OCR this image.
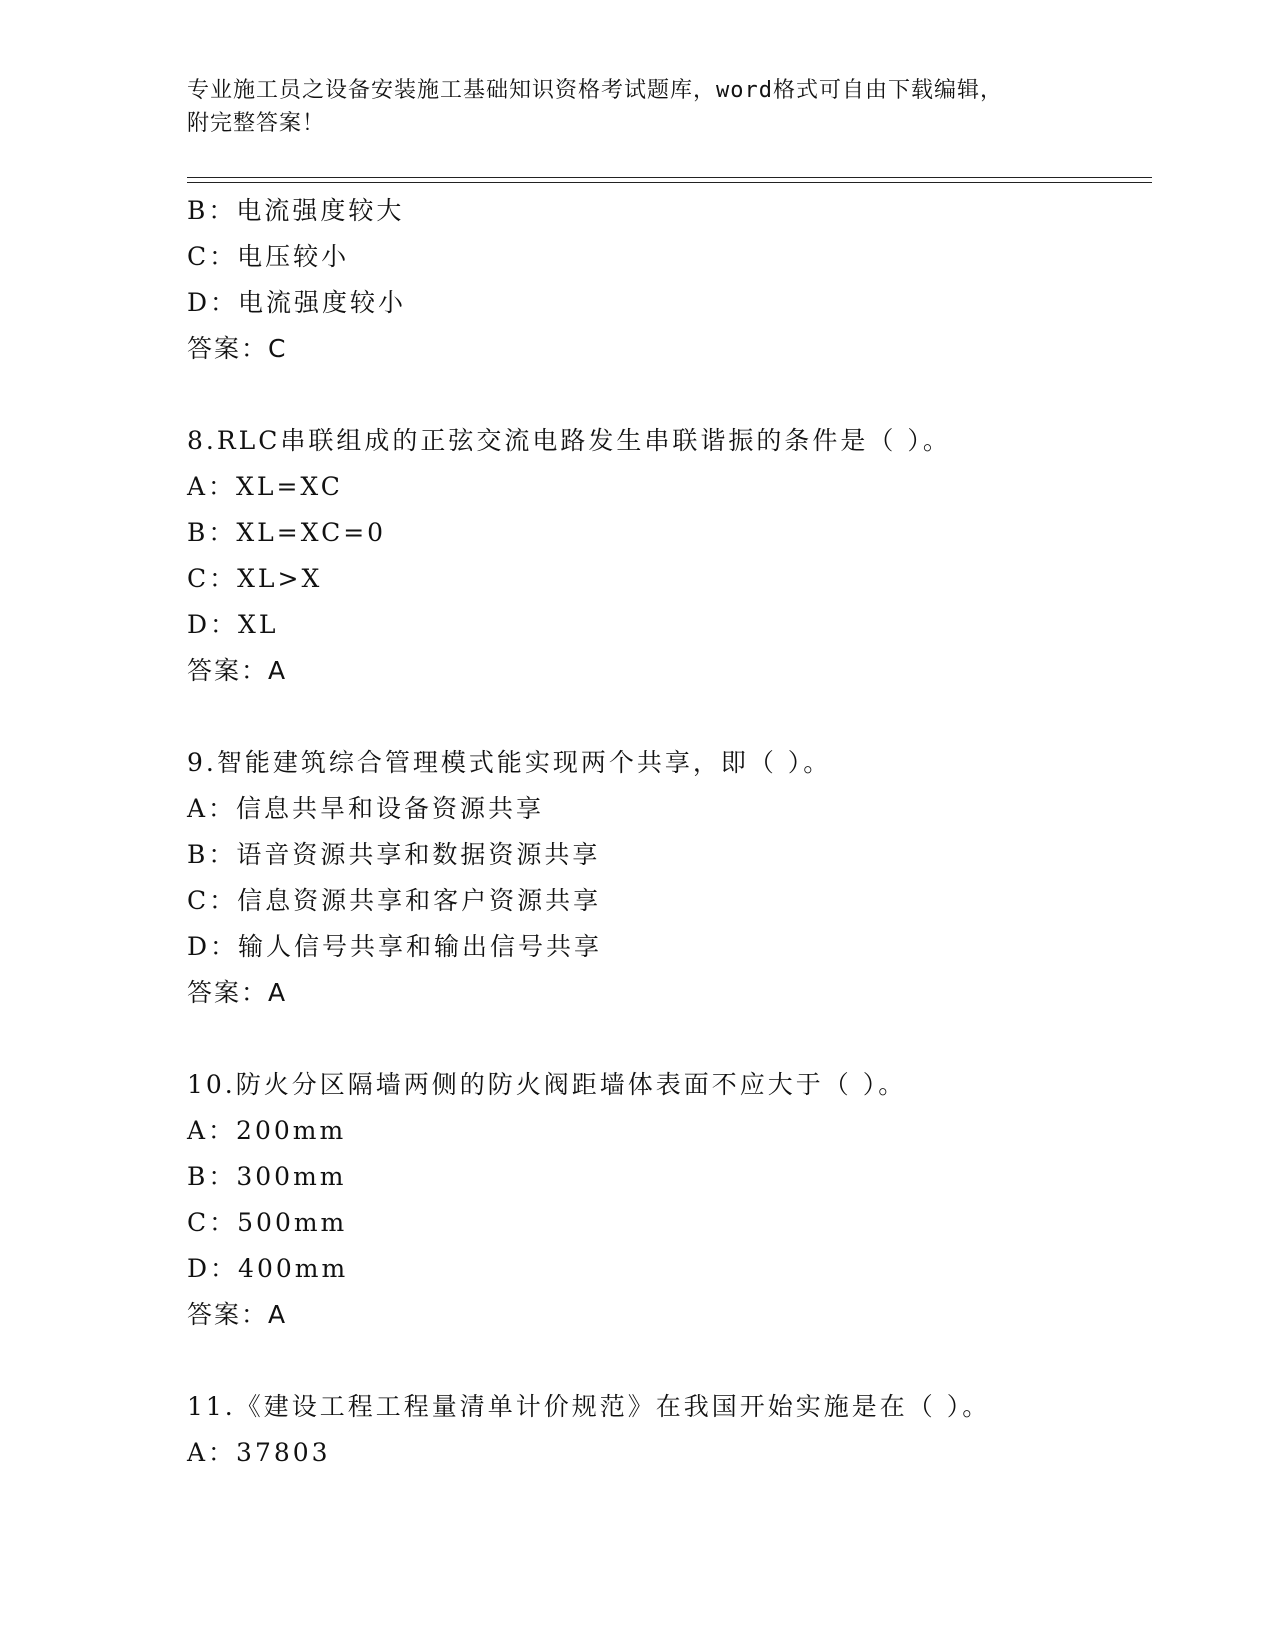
专业施工员之设备安装施工基础知识资格考试题库，word格式可自由下载编辑，
附完整答案！
B：电流强度较大
C：电压较小
D：电流强度较小
答案：C
8.RLC串联组成的正弦交流电路发生串联谐振的条件是（ ）。
A：XL=XC
B：XL=XC=0
C：XL>X
D：XL
答案：A
9.智能建筑综合管理模式能实现两个共享，即（ ）。
A：信息共旱和设备资源共享
B：语音资源共享和数据资源共享
C：信息资源共享和客户资源共享
D：输人信号共享和输出信号共享
答案：A
10.防火分区隔墙两侧的防火阀距墙体表面不应大于（ ）。
A：200mm
B：300mm
C：500mm
D：400mm
答案：A
11.《建设工程工程量清单计价规范》在我国开始实施是在（ ）。
A：37803
